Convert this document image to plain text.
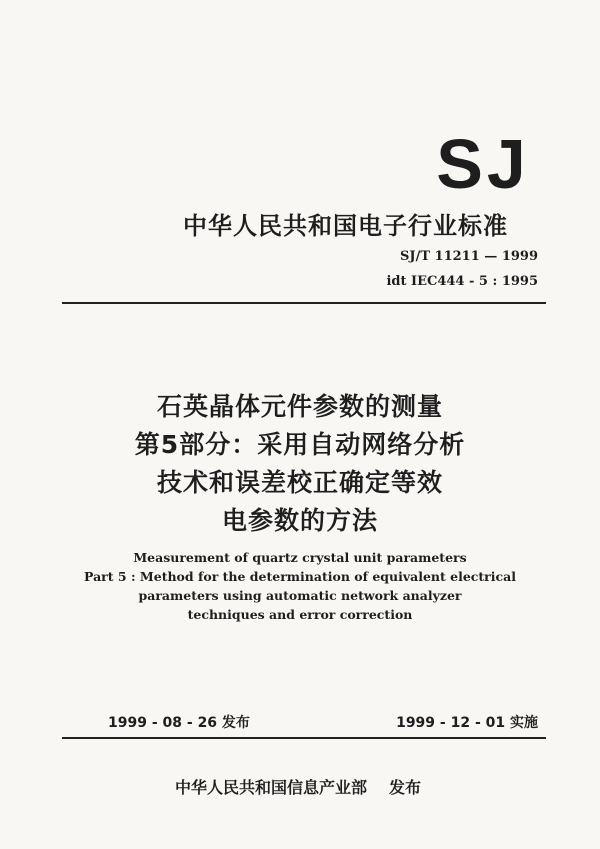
SJ
中华人民共和国电子行业标准
SJ/T 11211 — 1999
idt IEC444 - 5 : 1995
石英晶体元件参数的测量
第5部分：采用自动网络分析
技术和误差校正确定等效
电参数的方法
Measurement of quartz crystal unit parameters
Part 5 : Method for the determination of equivalent electrical
parameters using automatic network analyzer
techniques and error correction
1999 - 08 - 26 发布	1999 - 12 - 01 实施
中华人民共和国信息产业部 发布
